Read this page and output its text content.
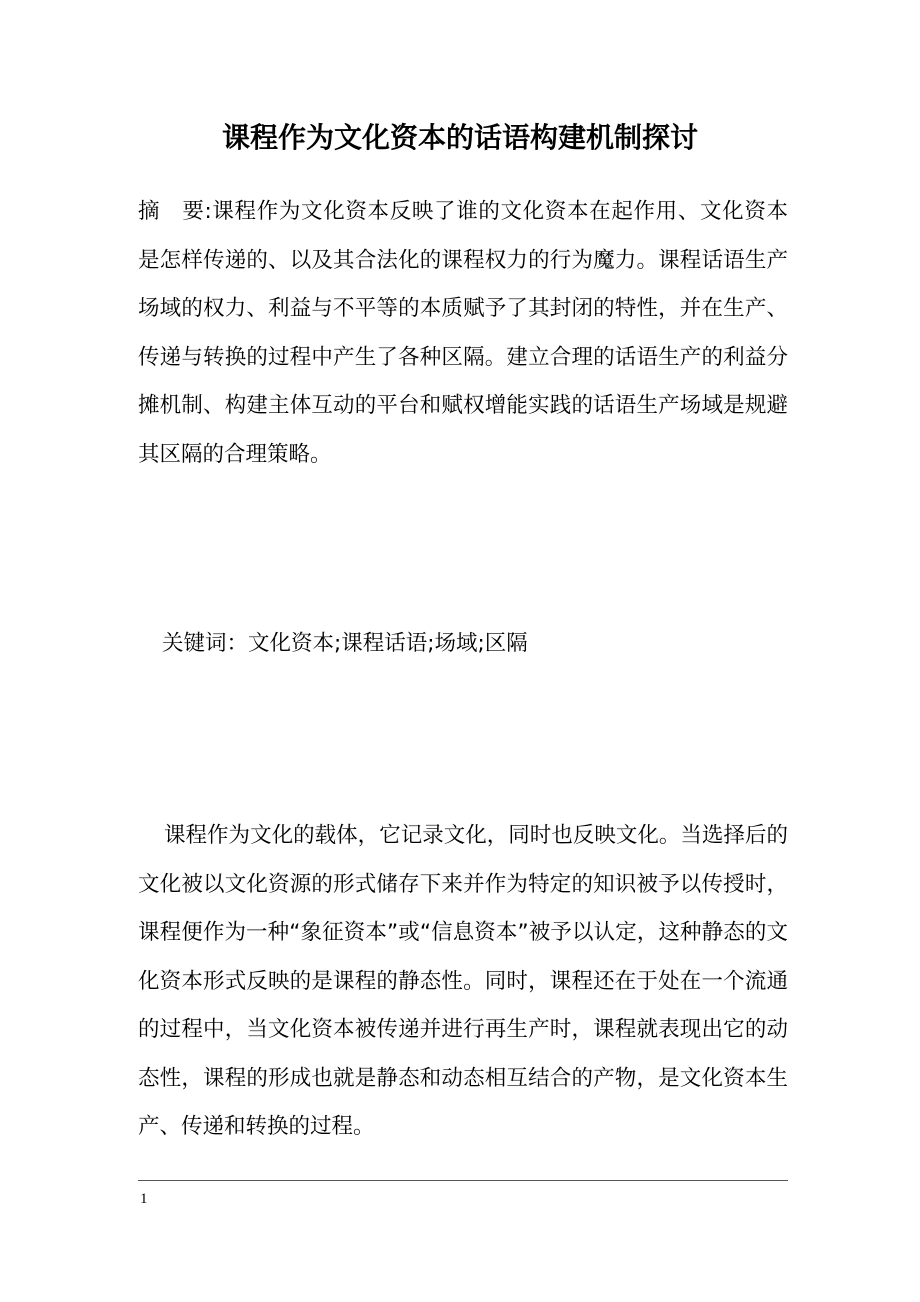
课程作为文化资本的话语构建机制探讨

摘　要:课程作为文化资本反映了谁的文化资本在起作用、文化资本是怎样传递的、以及其合法化的课程权力的行为魔力。课程话语生产场域的权力、利益与不平等的本质赋予了其封闭的特性，并在生产、传递与转换的过程中产生了各种区隔。建立合理的话语生产的利益分摊机制、构建主体互动的平台和赋权增能实践的话语生产场域是规避其区隔的合理策略。

关键词：文化资本;课程话语;场域;区隔

课程作为文化的载体，它记录文化，同时也反映文化。当选择后的文化被以文化资源的形式储存下来并作为特定的知识被予以传授时，课程便作为一种“象征资本”或“信息资本”被予以认定，这种静态的文化资本形式反映的是课程的静态性。同时，课程还在于处在一个流通的过程中，当文化资本被传递并进行再生产时，课程就表现出它的动态性，课程的形成也就是静态和动态相互结合的产物，是文化资本生产、传递和转换的过程。

1
